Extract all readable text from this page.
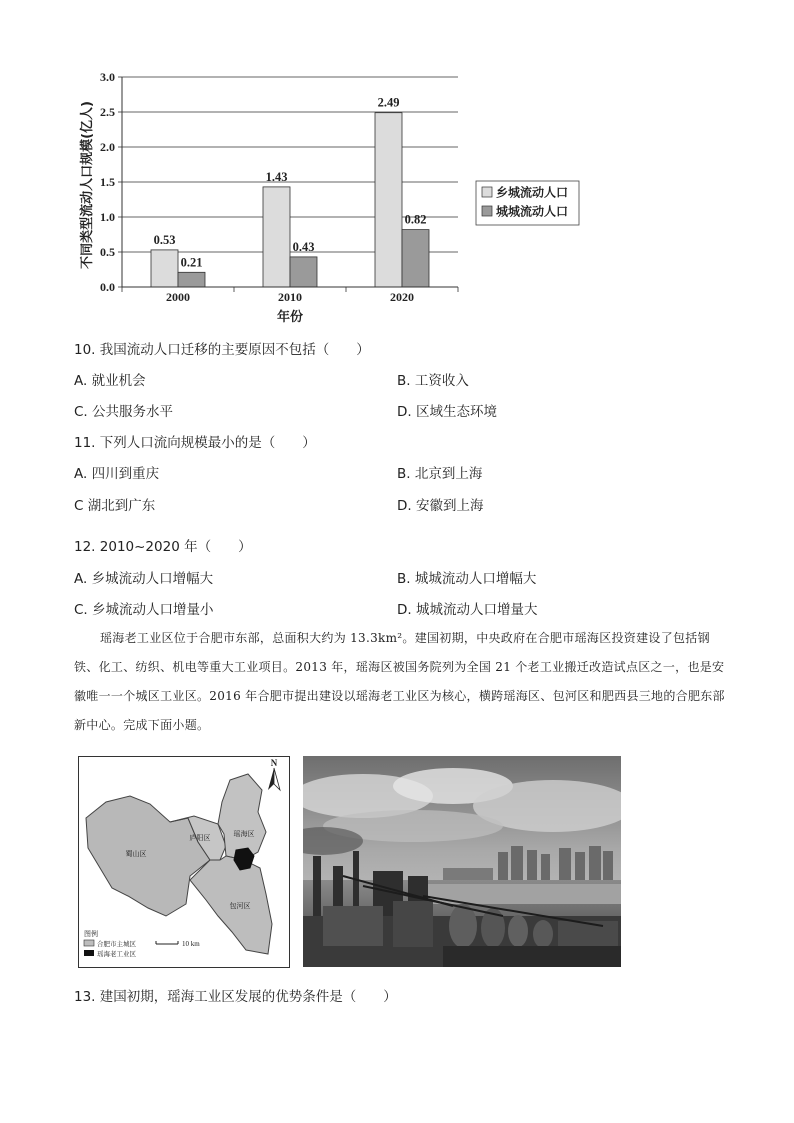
0.53
0.21
1.43
0.43
2.49
0.82
0.0
0.5
1.0
1.5
2.0
2.5
3.0
2000	2010	2020
不同类型流动人口规模(亿人)
年份
乡城流动人口
城城流动人口
10. 我国流动人口迁移的主要原因不包括（　　）
A. 就业机会	B. 工资收入
C. 公共服务水平	D. 区域生态环境
11. 下列人口流向规模最小的是（　　）
A. 四川到重庆	B. 北京到上海
C 湖北到广东	D. 安徽到上海
12. 2010~2020 年（　　）
A. 乡城流动人口增幅大	B. 城城流动人口增幅大
C. 乡城流动人口增量小	D. 城城流动人口增量大

瑶海老工业区位于合肥市东部，总面积大约为 13.3km²。建国初期，中央政府在合肥市瑶海区投资建设了包括钢铁、化工、纺织、机电等重大工业项目。2013 年，瑶海区被国务院列为全国 21 个老工业搬迁改造试点区之一，也是安徽唯一一个城区工业区。2016 年合肥市提出建设以瑶海老工业区为核心，横跨瑶海区、包河区和肥西县三地的合肥东部新中心。完成下面小题。

蜀山区
庐阳区	瑶海区
包河区
N
图例
合肥市主城区
瑶海老工业区
10 km
13. 建国初期，瑶海工业区发展的优势条件是（　　）
